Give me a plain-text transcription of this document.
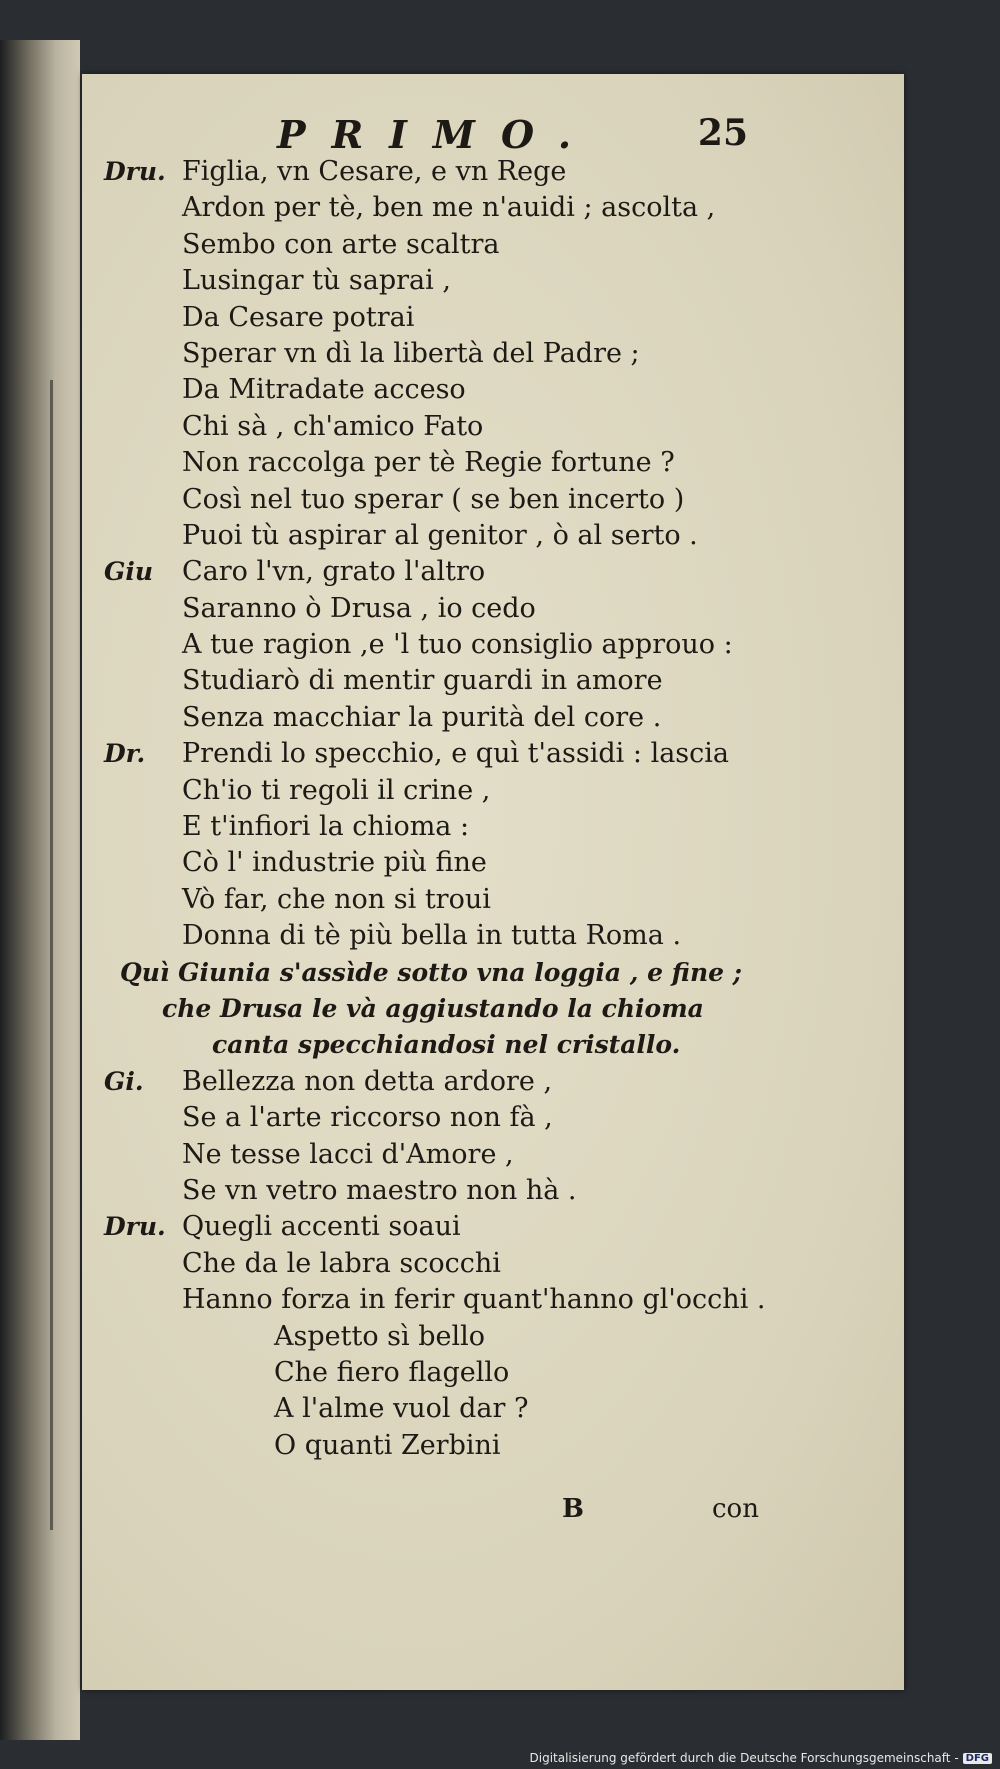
PRIMO.	25
Dru. Figlia, vn Cesare, e vn Rege
Ardon per tè, ben me n'auidi ; ascolta ,
Sembo con arte scaltra
Lusingar tù saprai ,
Da Cesare potrai
Sperar vn dì la libertà del Padre ;
Da Mitradate acceso
Chi sà , ch'amico Fato
Non raccolga per tè Regie fortune ?
Così nel tuo sperar ( se ben incerto )
Puoi tù aspirar al genitor , ò al serto .
Giu Caro l'vn, grato l'altro
Saranno ò Drusa , io cedo
A tue ragion ,e 'l tuo consiglio approuo :
Studiarò di mentir guardi in amore
Senza macchiar la purità del core .
Dr. Prendi lo specchio, e quì t'assidi : lascia
Ch'io ti regoli il crine ,
E t'infiori la chioma :
Cò l' industrie più fine
Vò far, che non si troui
Donna di tè più bella in tutta Roma .
Quì Giunia s'assìde sotto vna loggia , e fine ;
che Drusa le và aggiustando la chioma
canta specchiandosi nel cristallo.
Gi. Bellezza non detta ardore ,
Se a l'arte riccorso non fà ,
Ne tesse lacci d'Amore ,
Se vn vetro maestro non hà .
Dru. Quegli accenti soaui
Che da le labra scocchi
Hanno forza in ferir quant'hanno gl'occhi .
Aspetto sì bello
Che fiero flagello
A l'alme vuol dar ?
O quanti Zerbini
B	con
Digitalisierung gefördert durch die Deutsche Forschungsgemeinschaft - DFG
